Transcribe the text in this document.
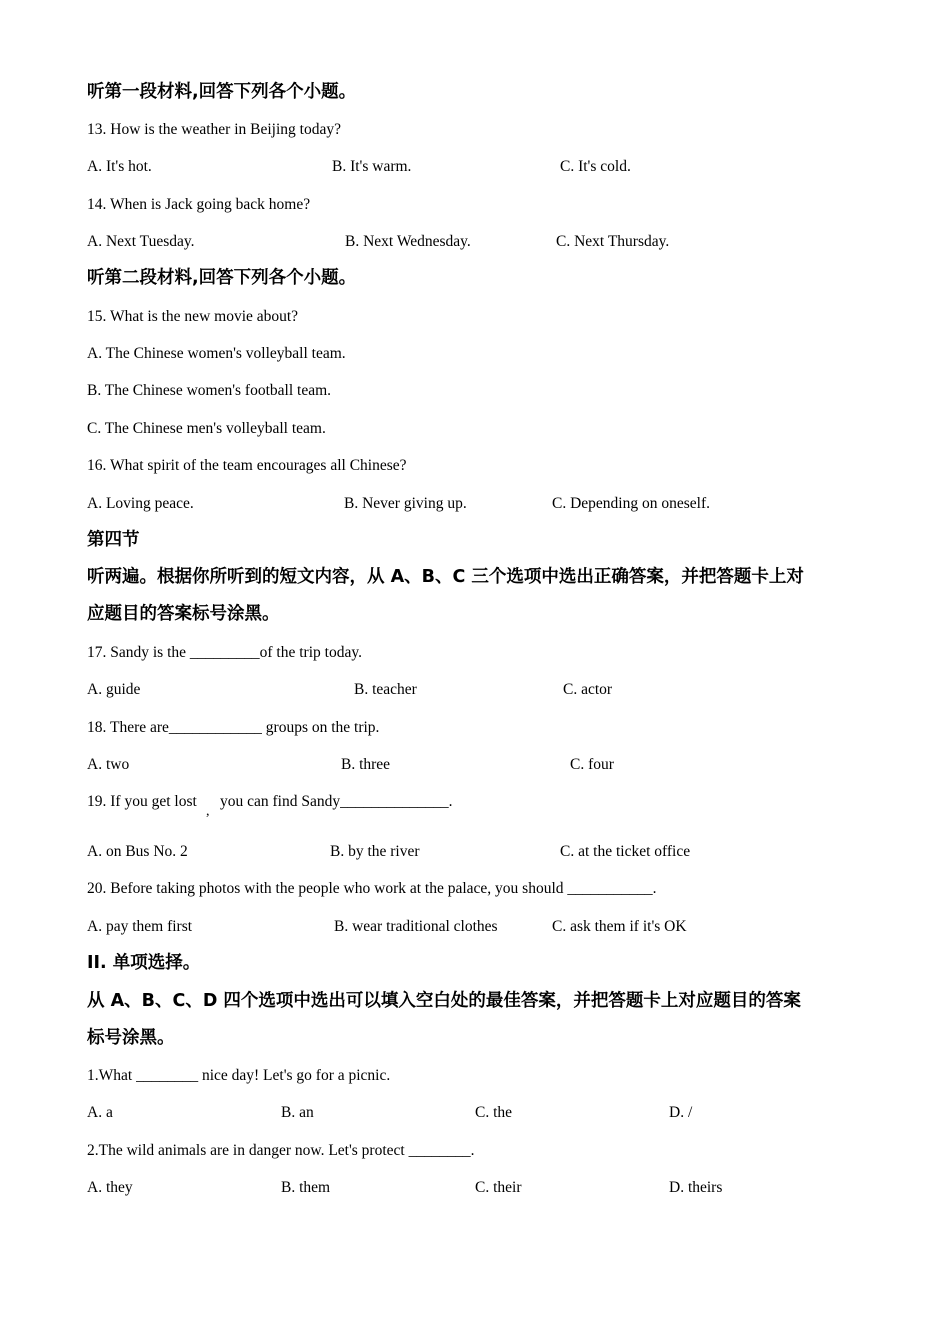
听第一段材料,回答下列各个小题。
13. How is the weather in Beijing today?
A. It's hot.	B. It's warm.	C. It's cold.
14. When is Jack going back home?
A. Next Tuesday.	B. Next Wednesday.	C. Next Thursday.
听第二段材料,回答下列各个小题。
15. What is the new movie about?
A. The Chinese women's volleyball team.
B. The Chinese women's football team.
C. The Chinese men's volleyball team.
16. What spirit of the team encourages all Chinese?
A. Loving peace.	B. Never giving up.	C. Depending on oneself.
第四节
听两遍。根据你所听到的短文内容，从 A、B、C 三个选项中选出正确答案，并把答题卡上对
应题目的答案标号涂黑。
17. Sandy is the _________of the trip today.
A. guide	B. teacher	C. actor
18. There are____________ groups on the trip.
A. two	B. three	C. four
19. If you get lost
,
you can find Sandy______________.
A. on Bus No. 2	B. by the river	C. at the ticket office
20. Before taking photos with the people who work at the palace, you should ___________.
A. pay them first	B. wear traditional clothes	C. ask them if it's OK
II. 单项选择。
从 A、B、C、D 四个选项中选出可以填入空白处的最佳答案，并把答题卡上对应题目的答案
标号涂黑。
1.What ________ nice day! Let's go for a picnic.
A. a	B. an	C. the	D. /
2.The wild animals are in danger now. Let's protect ________.
A. they	B. them	C. their	D. theirs
